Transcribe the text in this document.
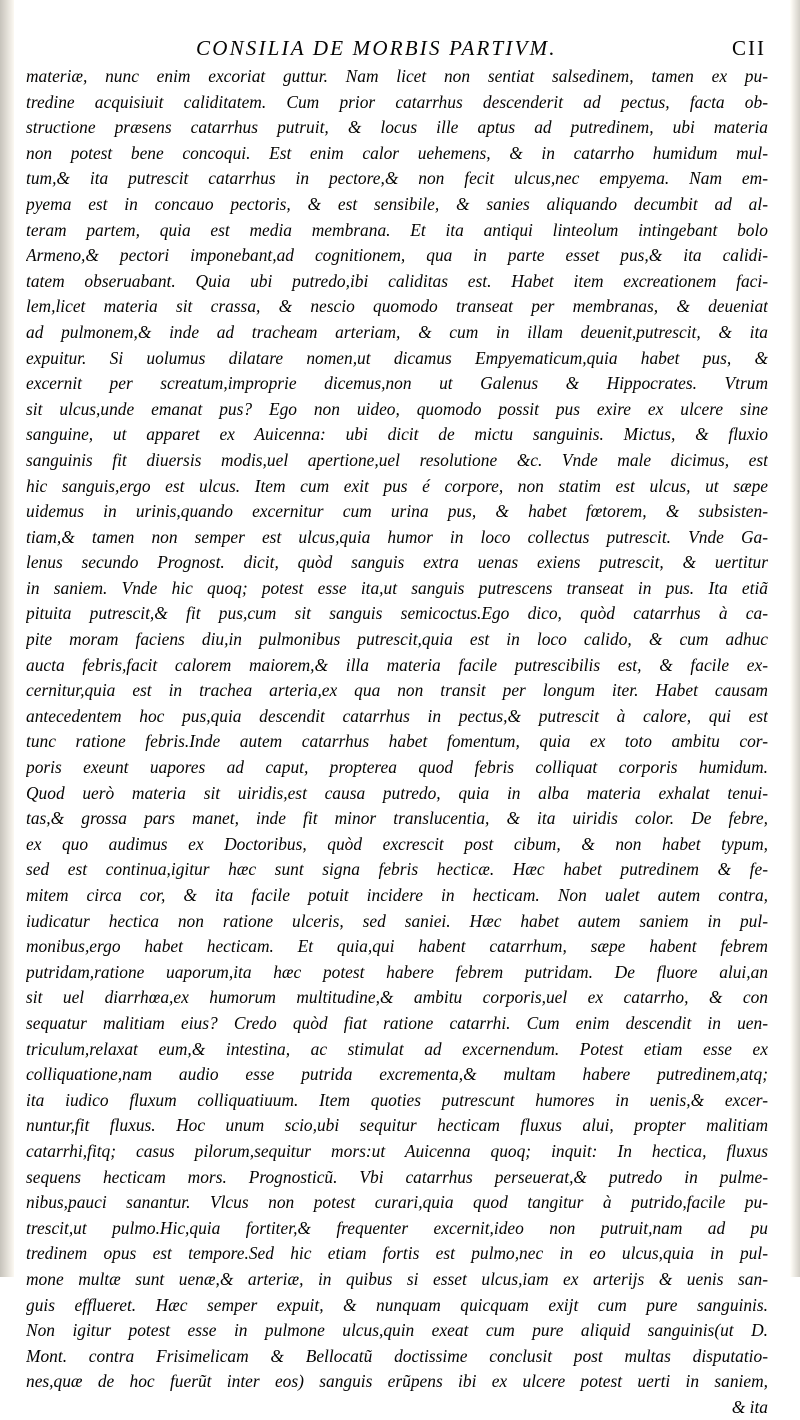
CONSILIA DE MORBIS PARTIVM.	CII
materiæ, nunc enim excoriat guttur. Nam licet non sentiat salsedinem, tamen ex pu-
tredine acquisiuit caliditatem. Cum prior catarrhus descenderit ad pectus, facta ob-
structione præsens catarrhus putruit, & locus ille aptus ad putredinem, ubi materia
non potest bene concoqui. Est enim calor uehemens, & in catarrho humidum mul-
tum,& ita putrescit catarrhus in pectore,& non fecit ulcus,nec empyema. Nam em-
pyema est in concauo pectoris, & est sensibile, & sanies aliquando decumbit ad al-
teram partem, quia est media membrana. Et ita antiqui linteolum intingebant bolo
Armeno,& pectori imponebant,ad cognitionem, qua in parte esset pus,& ita calidi-
tatem obseruabant. Quia ubi putredo,ibi caliditas est. Habet item excreationem faci-
lem,licet materia sit crassa, & nescio quomodo transeat per membranas, & deueniat
ad pulmonem,& inde ad tracheam arteriam, & cum in illam deuenit,putrescit, & ita
expuitur. Si uolumus dilatare nomen,ut dicamus Empyematicum,quia habet pus, &
excernit per screatum,improprie dicemus,non ut Galenus & Hippocrates. Vtrum
sit ulcus,unde emanat pus? Ego non uideo, quomodo possit pus exire ex ulcere sine
sanguine, ut apparet ex Auicenna: ubi dicit de mictu sanguinis. Mictus, & fluxio
sanguinis fit diuersis modis,uel apertione,uel resolutione &c. Vnde male dicimus, est
hic sanguis,ergo est ulcus. Item cum exit pus é corpore, non statim est ulcus, ut sæpe
uidemus in urinis,quando excernitur cum urina pus, & habet fœtorem, & subsisten-
tiam,& tamen non semper est ulcus,quia humor in loco collectus putrescit. Vnde Ga-
lenus secundo Prognost. dicit, quòd sanguis extra uenas exiens putrescit, & uertitur
in saniem. Vnde hic quoq; potest esse ita,ut sanguis putrescens transeat in pus. Ita etiã
pituita putrescit,& fit pus,cum sit sanguis semicoctus.Ego dico, quòd catarrhus à ca-
pite moram faciens diu,in pulmonibus putrescit,quia est in loco calido, & cum adhuc
aucta febris,facit calorem maiorem,& illa materia facile putrescibilis est, & facile ex-
cernitur,quia est in trachea arteria,ex qua non transit per longum iter. Habet causam
antecedentem hoc pus,quia descendit catarrhus in pectus,& putrescit à calore, qui est
tunc ratione febris.Inde autem catarrhus habet fomentum, quia ex toto ambitu cor-
poris exeunt uapores ad caput, propterea quod febris colliquat corporis humidum.
Quod uerò materia sit uiridis,est causa putredo, quia in alba materia exhalat tenui-
tas,& grossa pars manet, inde fit minor translucentia, & ita uiridis color. De febre,
ex quo audimus ex Doctoribus, quòd excrescit post cibum, & non habet typum,
sed est continua,igitur hæc sunt signa febris hecticæ. Hæc habet putredinem & fe-
mitem circa cor, & ita facile potuit incidere in hecticam. Non ualet autem contra,
iudicatur hectica non ratione ulceris, sed saniei. Hæc habet autem saniem in pul-
monibus,ergo habet hecticam. Et quia,qui habent catarrhum, sæpe habent febrem
putridam,ratione uaporum,ita hæc potest habere febrem putridam. De fluore alui,an
sit uel diarrhœa,ex humorum multitudine,& ambitu corporis,uel ex catarrho, & con
sequatur malitiam eius? Credo quòd fiat ratione catarrhi. Cum enim descendit in uen-
triculum,relaxat eum,& intestina, ac stimulat ad excernendum. Potest etiam esse ex
colliquatione,nam audio esse putrida excrementa,& multam habere putredinem,atq;
ita iudico fluxum colliquatiuum. Item quoties putrescunt humores in uenis,& excer-
nuntur,fit fluxus. Hoc unum scio,ubi sequitur hecticam fluxus alui, propter malitiam
catarrhi,fitq; casus pilorum,sequitur mors:ut Auicenna quoq; inquit: In hectica, fluxus
sequens hecticam mors. Prognosticũ. Vbi catarrhus perseuerat,& putredo in pulme-
nibus,pauci sanantur. Vlcus non potest curari,quia quod tangitur à putrido,facile pu-
trescit,ut pulmo.Hic,quia fortiter,& frequenter excernit,ideo non putruit,nam ad pu
tredinem opus est tempore.Sed hic etiam fortis est pulmo,nec in eo ulcus,quia in pul-
mone multæ sunt uenæ,& arteriæ, in quibus si esset ulcus,iam ex arterijs & uenis san-
guis efflueret. Hæc semper expuit, & nunquam quicquam exijt cum pure sanguinis.
Non igitur potest esse in pulmone ulcus,quin exeat cum pure aliquid sanguinis(ut D.
Mont. contra Frisimelicam & Bellocatũ doctissime conclusit post multas disputatio-
nes,quæ de hoc fuerũt inter eos) sanguis erũpens ibi ex ulcere potest uerti in saniem,
& ita
